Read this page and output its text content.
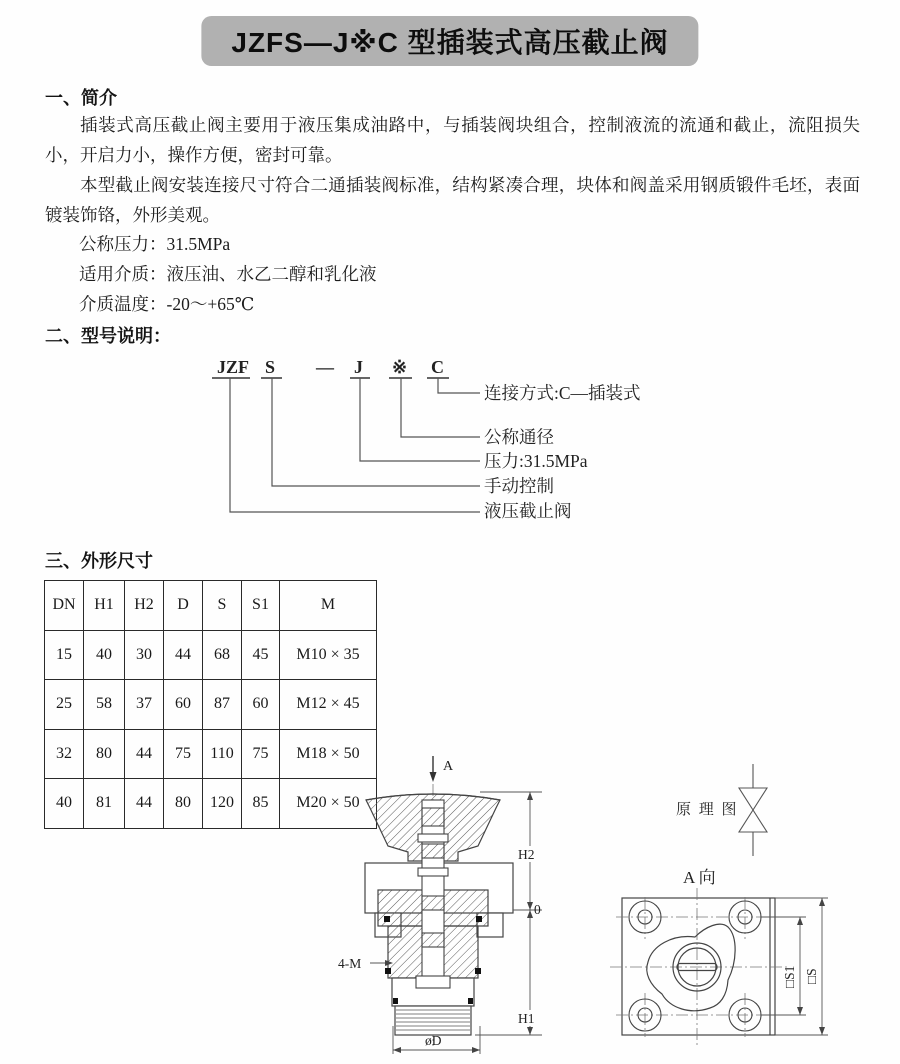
JZFS—J※C 型插装式高压截止阀
一、简介
插装式高压截止阀主要用于液压集成油路中，与插装阀块组合，控制液流的流通和截止，流阻损失小，开启力小，操作方便，密封可靠。
本型截止阀安装连接尺寸符合二通插装阀标准，结构紧凑合理，块体和阀盖采用钢质锻件毛坯，表面镀装饰铬，外形美观。
公称压力：31.5MPa
适用介质：液压油、水乙二醇和乳化液
介质温度：-20～+65℃
二、型号说明：
JZF S — J ※ C
连接方式:C—插装式
公称通径
压力:31.5MPa
手动控制
液压截止阀
三、外形尺寸
DN	H1	H2	D	S	S1	M
15	40	30	44	68	45	M10 × 35
25	58	37	60	87	60	M12 × 45
32	80	44	75	110	75	M18 × 50
40	81	44	80	120	85	M20 × 50
A
H2
0
H1
4-M
øD
原 理 图
A 向
□S1 □S
